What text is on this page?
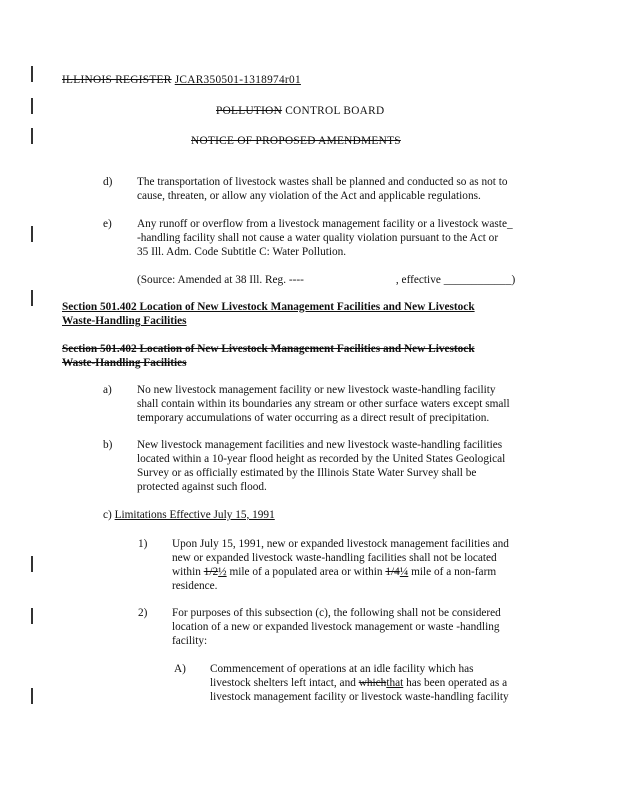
ILLINOIS REGISTER JCAR350501-1318974r01
POLLUTION CONTROL BOARD
NOTICE OF PROPOSED AMENDMENTS
d) The transportation of livestock wastes shall be planned and conducted so as not to
cause, threaten, or allow any violation of the Act and applicable regulations.
e) Any runoff or overflow from a livestock management facility or a livestock waste_
-handling facility shall not cause a water quality violation pursuant to the Act or
35 Ill. Adm. Code Subtitle C: Water Pollution.
(Source: Amended at 38 Ill. Reg. ----	, effective ____________)
Section 501.402 Location of New Livestock Management Facilities and New Livestock
Waste-Handling Facilities
Section 501.402 Location of New Livestock Management Facilities and New Livestock
Waste-Handling Facilities
a) No new livestock management facility or new livestock waste-handling facility
shall contain within its boundaries any stream or other surface waters except small
temporary accumulations of water occurring as a direct result of precipitation.
b) New livestock management facilities and new livestock waste-handling facilities
located within a 10-year flood height as recorded by the United States Geological
Survey or as officially estimated by the Illinois State Water Survey shall be
protected against such flood.
c) Limitations Effective July 15, 1991
1) Upon July 15, 1991, new or expanded livestock management facilities and
new or expanded livestock waste-handling facilities shall not be located
within 1/2½ mile of a populated area or within 1/4¼ mile of a non-farm
residence.
2) For purposes of this subsection (c), the following shall not be considered
location of a new or expanded livestock management or waste -handling
facility:
A) Commencement of operations at an idle facility which has
livestock shelters left intact, and whichthat has been operated as a
livestock management facility or livestock waste-handling facility
